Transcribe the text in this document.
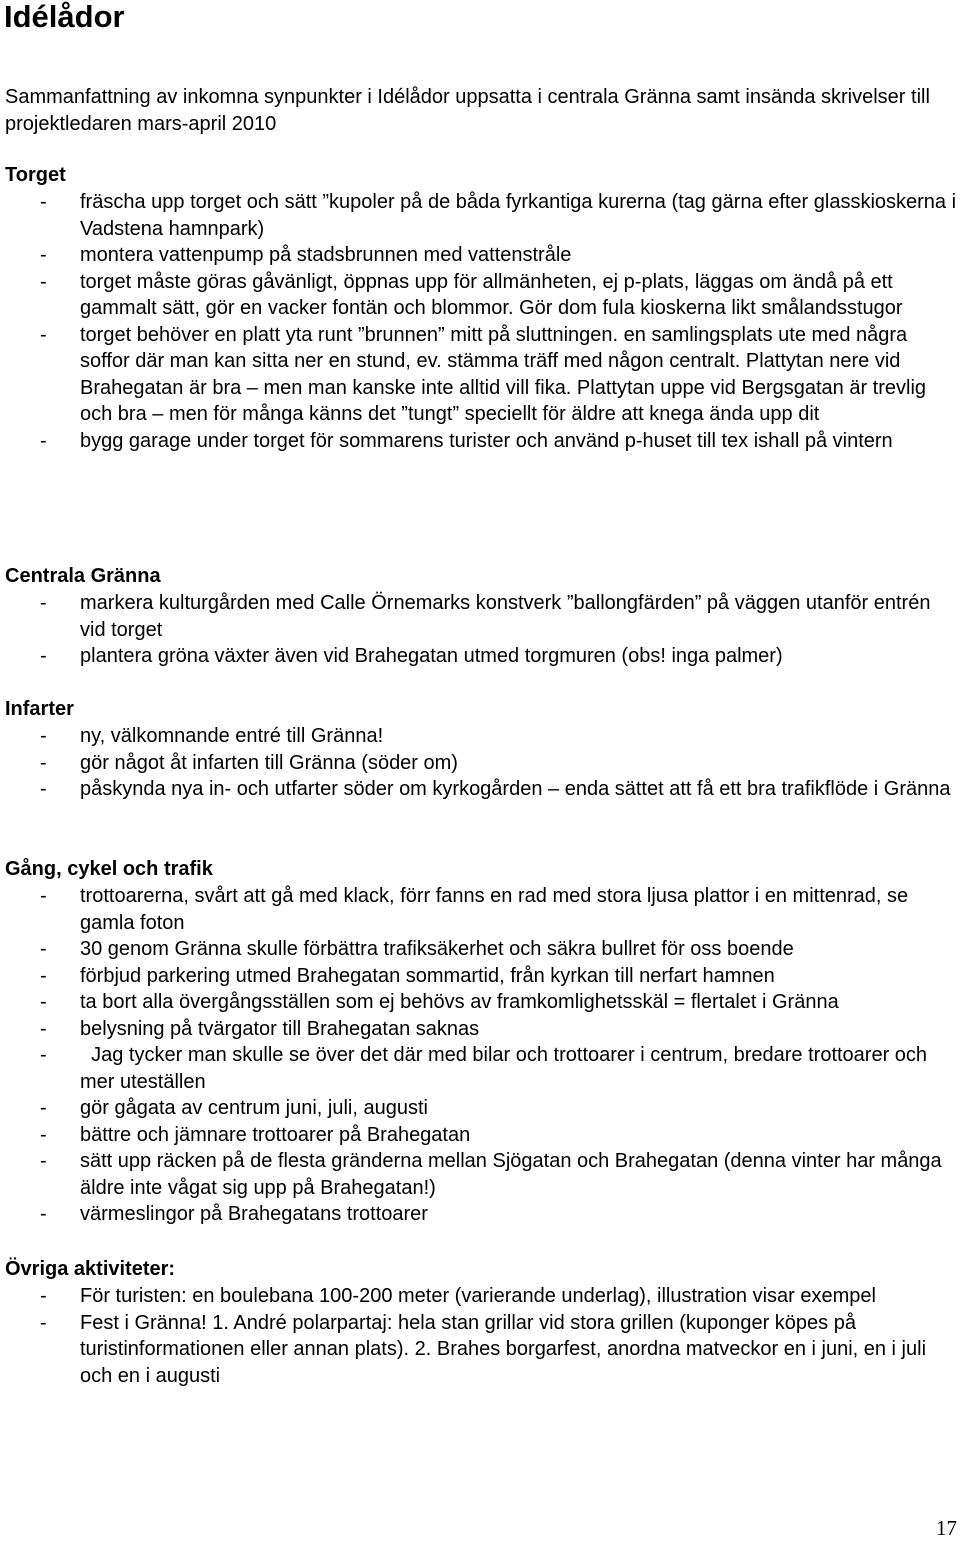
Idélådor

Sammanfattning av inkomna synpunkter i Idélådor uppsatta i centrala Gränna samt insända skrivelser till projektledaren mars-april 2010

Torget
- fräscha upp torget och sätt ”kupoler på de båda fyrkantiga kurerna (tag gärna efter glasskioskerna i Vadstena hamnpark)
- montera vattenpump på stadsbrunnen med vattenstråle
- torget måste göras gåvänligt, öppnas upp för allmänheten, ej p-plats, läggas om ändå på ett gammalt sätt, gör en vacker fontän och blommor. Gör dom fula kioskerna likt smålandsstugor
- torget behöver en platt yta runt ”brunnen” mitt på sluttningen. en samlingsplats ute med några soffor där man kan sitta ner en stund, ev. stämma träff med någon centralt. Plattytan nere vid Brahegatan är bra – men man kanske inte alltid vill fika. Plattytan uppe vid Bergsgatan är trevlig och bra – men för många känns det ”tungt” speciellt för äldre att knega ända upp dit
- bygg garage under torget för sommarens turister och använd p-huset till tex ishall på vintern
Centrala Gränna
- markera kulturgården med Calle Örnemarks konstverk ”ballongfärden” på väggen utanför entrén vid torget
- plantera gröna växter även vid Brahegatan utmed torgmuren (obs! inga palmer)
Infarter
- ny, välkomnande entré till Gränna!
- gör något åt infarten till Gränna (söder om)
- påskynda nya in- och utfarter söder om kyrkogården – enda sättet att få ett bra trafikflöde i Gränna
Gång, cykel och trafik
- trottoarerna, svårt att gå med klack, förr fanns en rad med stora ljusa plattor i en mittenrad, se gamla foton
- 30 genom Gränna skulle förbättra trafiksäkerhet och säkra bullret för oss boende
- förbjud parkering utmed Brahegatan sommartid, från kyrkan till nerfart hamnen
- ta bort alla övergångsställen som ej behövs av framkomlighetsskäl = flertalet i Gränna
- belysning på tvärgator till Brahegatan saknas
-   Jag tycker man skulle se över det där med bilar och trottoarer i centrum, bredare trottoarer och mer uteställen
- gör gågata av centrum juni, juli, augusti
- bättre och jämnare trottoarer på Brahegatan
- sätt upp räcken på de flesta gränderna mellan Sjögatan och Brahegatan (denna vinter har många äldre inte vågat sig upp på Brahegatan!)
- värmeslingor på Brahegatans trottoarer
Övriga aktiviteter:
- För turisten: en boulebana 100-200 meter (varierande underlag), illustration visar exempel
- Fest i Gränna! 1. André polarpartaj: hela stan grillar vid stora grillen (kuponger köpes på turistinformationen eller annan plats). 2. Brahes borgarfest, anordna matveckor en i juni, en i juli och en i augusti
17
